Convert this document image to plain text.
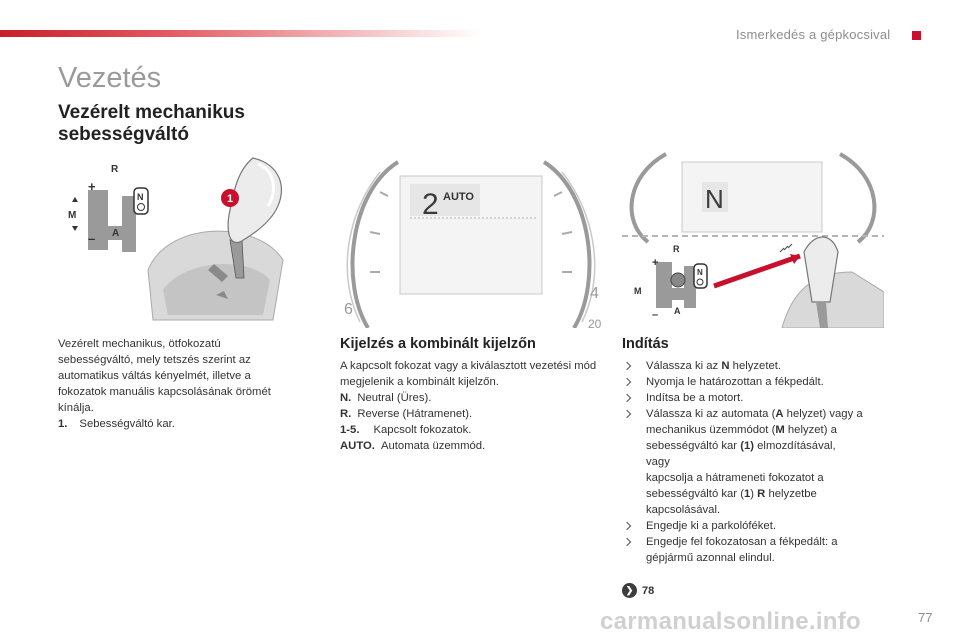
Ismerkedés a gépkocsival
Vezetés
Vezérelt mechanikus
sebességváltó
R
+
M
– A
N	1	2 AUTO
6
4
20
N
R
+
M
– A
N

Vezérelt mechanikus, ötfokozatú sebességváltó, mely tetszés szerint az automatikus váltás kényelmét, illetve a fokozatok manuális kapcsolásának örömét kínálja.

1. Sebességváltó kar.
Kijelzés a kombinált kijelzőn

A kapcsolt fokozat vagy a kiválasztott vezetési mód megjelenik a kombinált kijelzőn.

N. Neutral (Üres).
R. Reverse (Hátramenet).
1-5. Kapcsolt fokozatok.
AUTO. Automata üzemmód.
Indítás
Válassza ki az N helyzetet.
Nyomja le határozottan a fékpedált.
Indítsa be a motort.
Válassza ki az automata (A helyzet) vagy a mechanikus üzemmódot (M helyzet) a sebességváltó kar (1) elmozdításával,
vagy
kapcsolja a hátrameneti fokozatot a sebességváltó kar (1) R helyzetbe kapcsolásával.
Engedje ki a parkolóféket.
Engedje fel fokozatosan a fékpedált: a gépjármű azonnal elindul.
❯ 78
carmanualsonline.info	77
